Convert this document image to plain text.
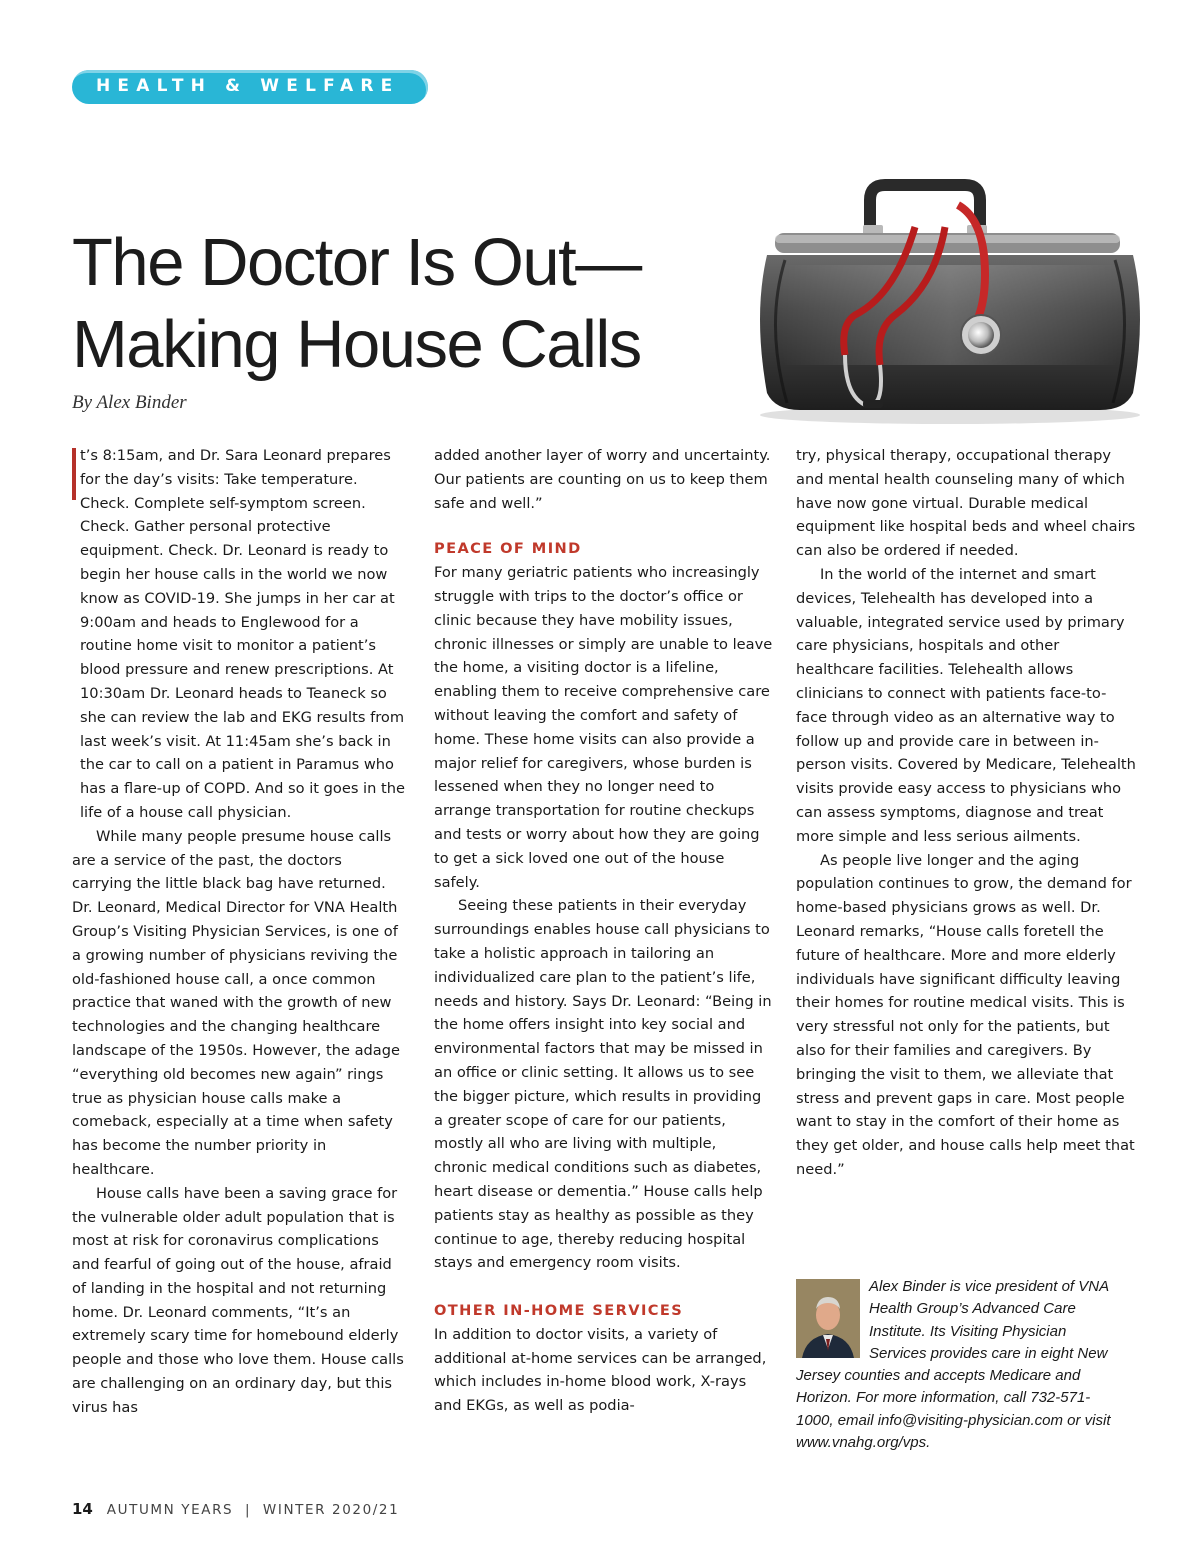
HEALTH & WELFARE
The Doctor Is Out—
Making House Calls
By Alex Binder

t’s 8:15am, and Dr. Sara Leonard prepares for the day’s visits: Take temperature. Check. Complete self-symptom screen. Check. Gather personal protective equipment. Check. Dr. Leonard is ready to begin her house calls in the world we now know as COVID-19. She jumps in her car at 9:00am and heads to Englewood for a routine home visit to monitor a patient’s blood pressure and renew prescriptions. At 10:30am Dr. Leonard heads to Teaneck so she can review the lab and EKG results from last week’s visit. At 11:45am she’s back in the car to call on a patient in Paramus who has a flare-up of COPD. And so it goes in the life of a house call physician.

While many people presume house calls are a service of the past, the doctors carrying the little black bag have returned. Dr. Leonard, Medical Director for VNA Health Group’s Visiting Physician Services, is one of a growing number of physicians reviving the old-fashioned house call, a once common practice that waned with the growth of new technologies and the changing healthcare landscape of the 1950s. However, the adage “everything old becomes new again” rings true as physician house calls make a comeback, especially at a time when safety has become the number priority in healthcare.

House calls have been a saving grace for the vulnerable older adult population that is most at risk for coronavirus complications and fearful of going out of the house, afraid of landing in the hospital and not returning home. Dr. Leonard comments, “It’s an extremely scary time for homebound elderly people and those who love them. House calls are challenging on an ordinary day, but this virus has

added another layer of worry and uncertainty. Our patients are counting on us to keep them safe and well.”

PEACE OF MIND

For many geriatric patients who increasingly struggle with trips to the doctor’s office or clinic because they have mobility issues, chronic illnesses or simply are unable to leave the home, a visiting doctor is a lifeline, enabling them to receive comprehensive care without leaving the comfort and safety of home. These home visits can also provide a major relief for caregivers, whose burden is lessened when they no longer need to arrange transportation for routine checkups and tests or worry about how they are going to get a sick loved one out of the house safely.

Seeing these patients in their everyday surroundings enables house call physicians to take a holistic approach in tailoring an individualized care plan to the patient’s life, needs and history. Says Dr. Leonard: “Being in the home offers insight into key social and environmental factors that may be missed in an office or clinic setting. It allows us to see the bigger picture, which results in providing a greater scope of care for our patients, mostly all who are living with multiple, chronic medical conditions such as diabetes, heart disease or dementia.” House calls help patients stay as healthy as possible as they continue to age, thereby reducing hospital stays and emergency room visits.

OTHER IN-HOME SERVICES

In addition to doctor visits, a variety of additional at-home services can be arranged, which includes in-home blood work, X-rays and EKGs, as well as podia-

try, physical therapy, occupational therapy and mental health counseling many of which have now gone virtual. Durable medical equipment like hospital beds and wheel chairs can also be ordered if needed.

In the world of the internet and smart devices, Telehealth has developed into a valuable, integrated service used by primary care physicians, hospitals and other healthcare facilities. Telehealth allows clinicians to connect with patients face-to-face through video as an alternative way to follow up and provide care in between in-person visits. Covered by Medicare, Telehealth visits provide easy access to physicians who can assess symptoms, diagnose and treat more simple and less serious ailments.

As people live longer and the aging population continues to grow, the demand for home-based physicians grows as well. Dr. Leonard remarks, “House calls foretell the future of healthcare. More and more elderly individuals have significant difficulty leaving their homes for routine medical visits. This is very stressful not only for the patients, but also for their families and caregivers. By bringing the visit to them, we alleviate that stress and prevent gaps in care. Most people want to stay in the comfort of their home as they get older, and house calls help meet that need.”

Alex Binder is vice president of VNA Health Group’s Advanced Care Institute. Its Visiting Physician Services provides care in eight New Jersey counties and accepts Medicare and Horizon. For more information, call 732-571-1000, email info@visiting-physician.com or visit www.vnahg.org/vps.
14 AUTUMN YEARS  |  WINTER 2020/21
